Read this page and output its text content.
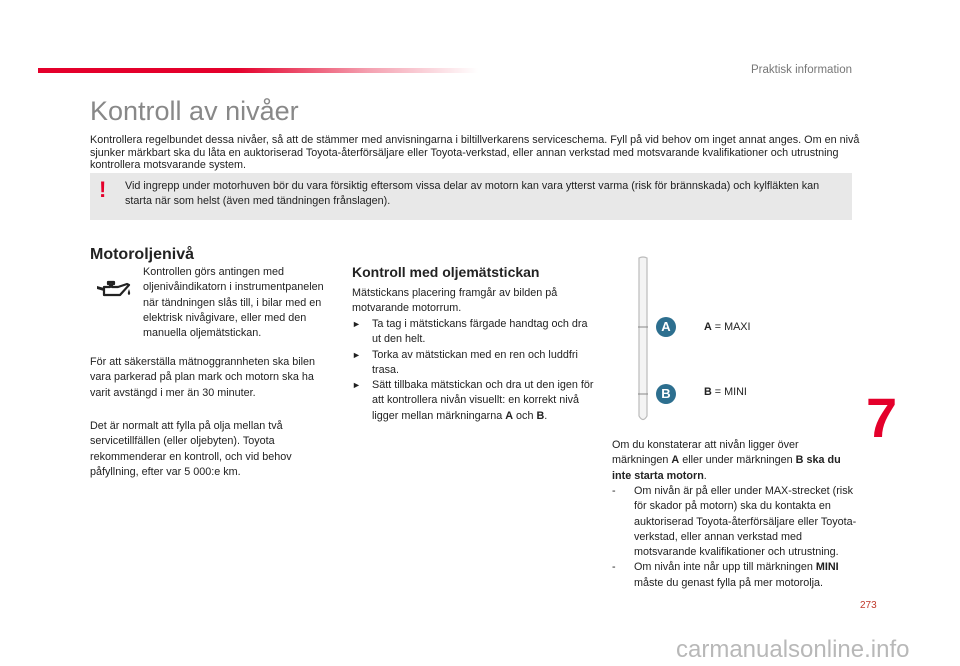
Praktisk information
Kontroll av nivåer

Kontrollera regelbundet dessa nivåer, så att de stämmer med anvisningarna i biltillverkarens serviceschema. Fyll på vid behov om inget annat anges. Om en nivå sjunker märkbart ska du låta en auktoriserad Toyota-återförsäljare eller Toyota-verkstad, eller annan verkstad med motsvarande kvalifikationer och utrustning kontrollera motsvarande system.

! Vid ingrepp under motorhuven bör du vara försiktig eftersom vissa delar av motorn kan vara ytterst varma (risk för brännskada) och kylfläkten kan starta när som helst (även med tändningen frånslagen).

Motoroljenivå

Kontrollen görs antingen med oljenivåindikatorn i instrumentpanelen när tändningen slås till, i bilar med en elektrisk nivågivare, eller med den manuella oljemätstickan.

För att säkerställa mätnoggrannheten ska bilen vara parkerad på plan mark och motorn ska ha varit avstängd i mer än 30 minuter.

Det är normalt att fylla på olja mellan två servicetillfällen (eller oljebyten). Toyota rekommenderar en kontroll, och vid behov påfyllning, efter var 5 000:e km.

Kontroll med oljemätstickan

Mätstickans placering framgår av bilden på motvarande motorrum.

► Ta tag i mätstickans färgade handtag och dra ut den helt.
► Torka av mätstickan med en ren och luddfri trasa.
► Sätt tillbaka mätstickan och dra ut den igen för att kontrollera nivån visuellt: en korrekt nivå ligger mellan märkningarna A och B.
A
B
A = MAXI
B = MINI

Om du konstaterar att nivån ligger över märkningen A eller under märkningen B ska du inte starta motorn.

- Om nivån är på eller under MAX-strecket (risk för skador på motorn) ska du kontakta en auktoriserad Toyota-återförsäljare eller Toyota-verkstad, eller annan verkstad med motsvarande kvalifikationer och utrustning.
- Om nivån inte når upp till märkningen MINI måste du genast fylla på mer motorolja.
7
273
carmanualsonline.info
